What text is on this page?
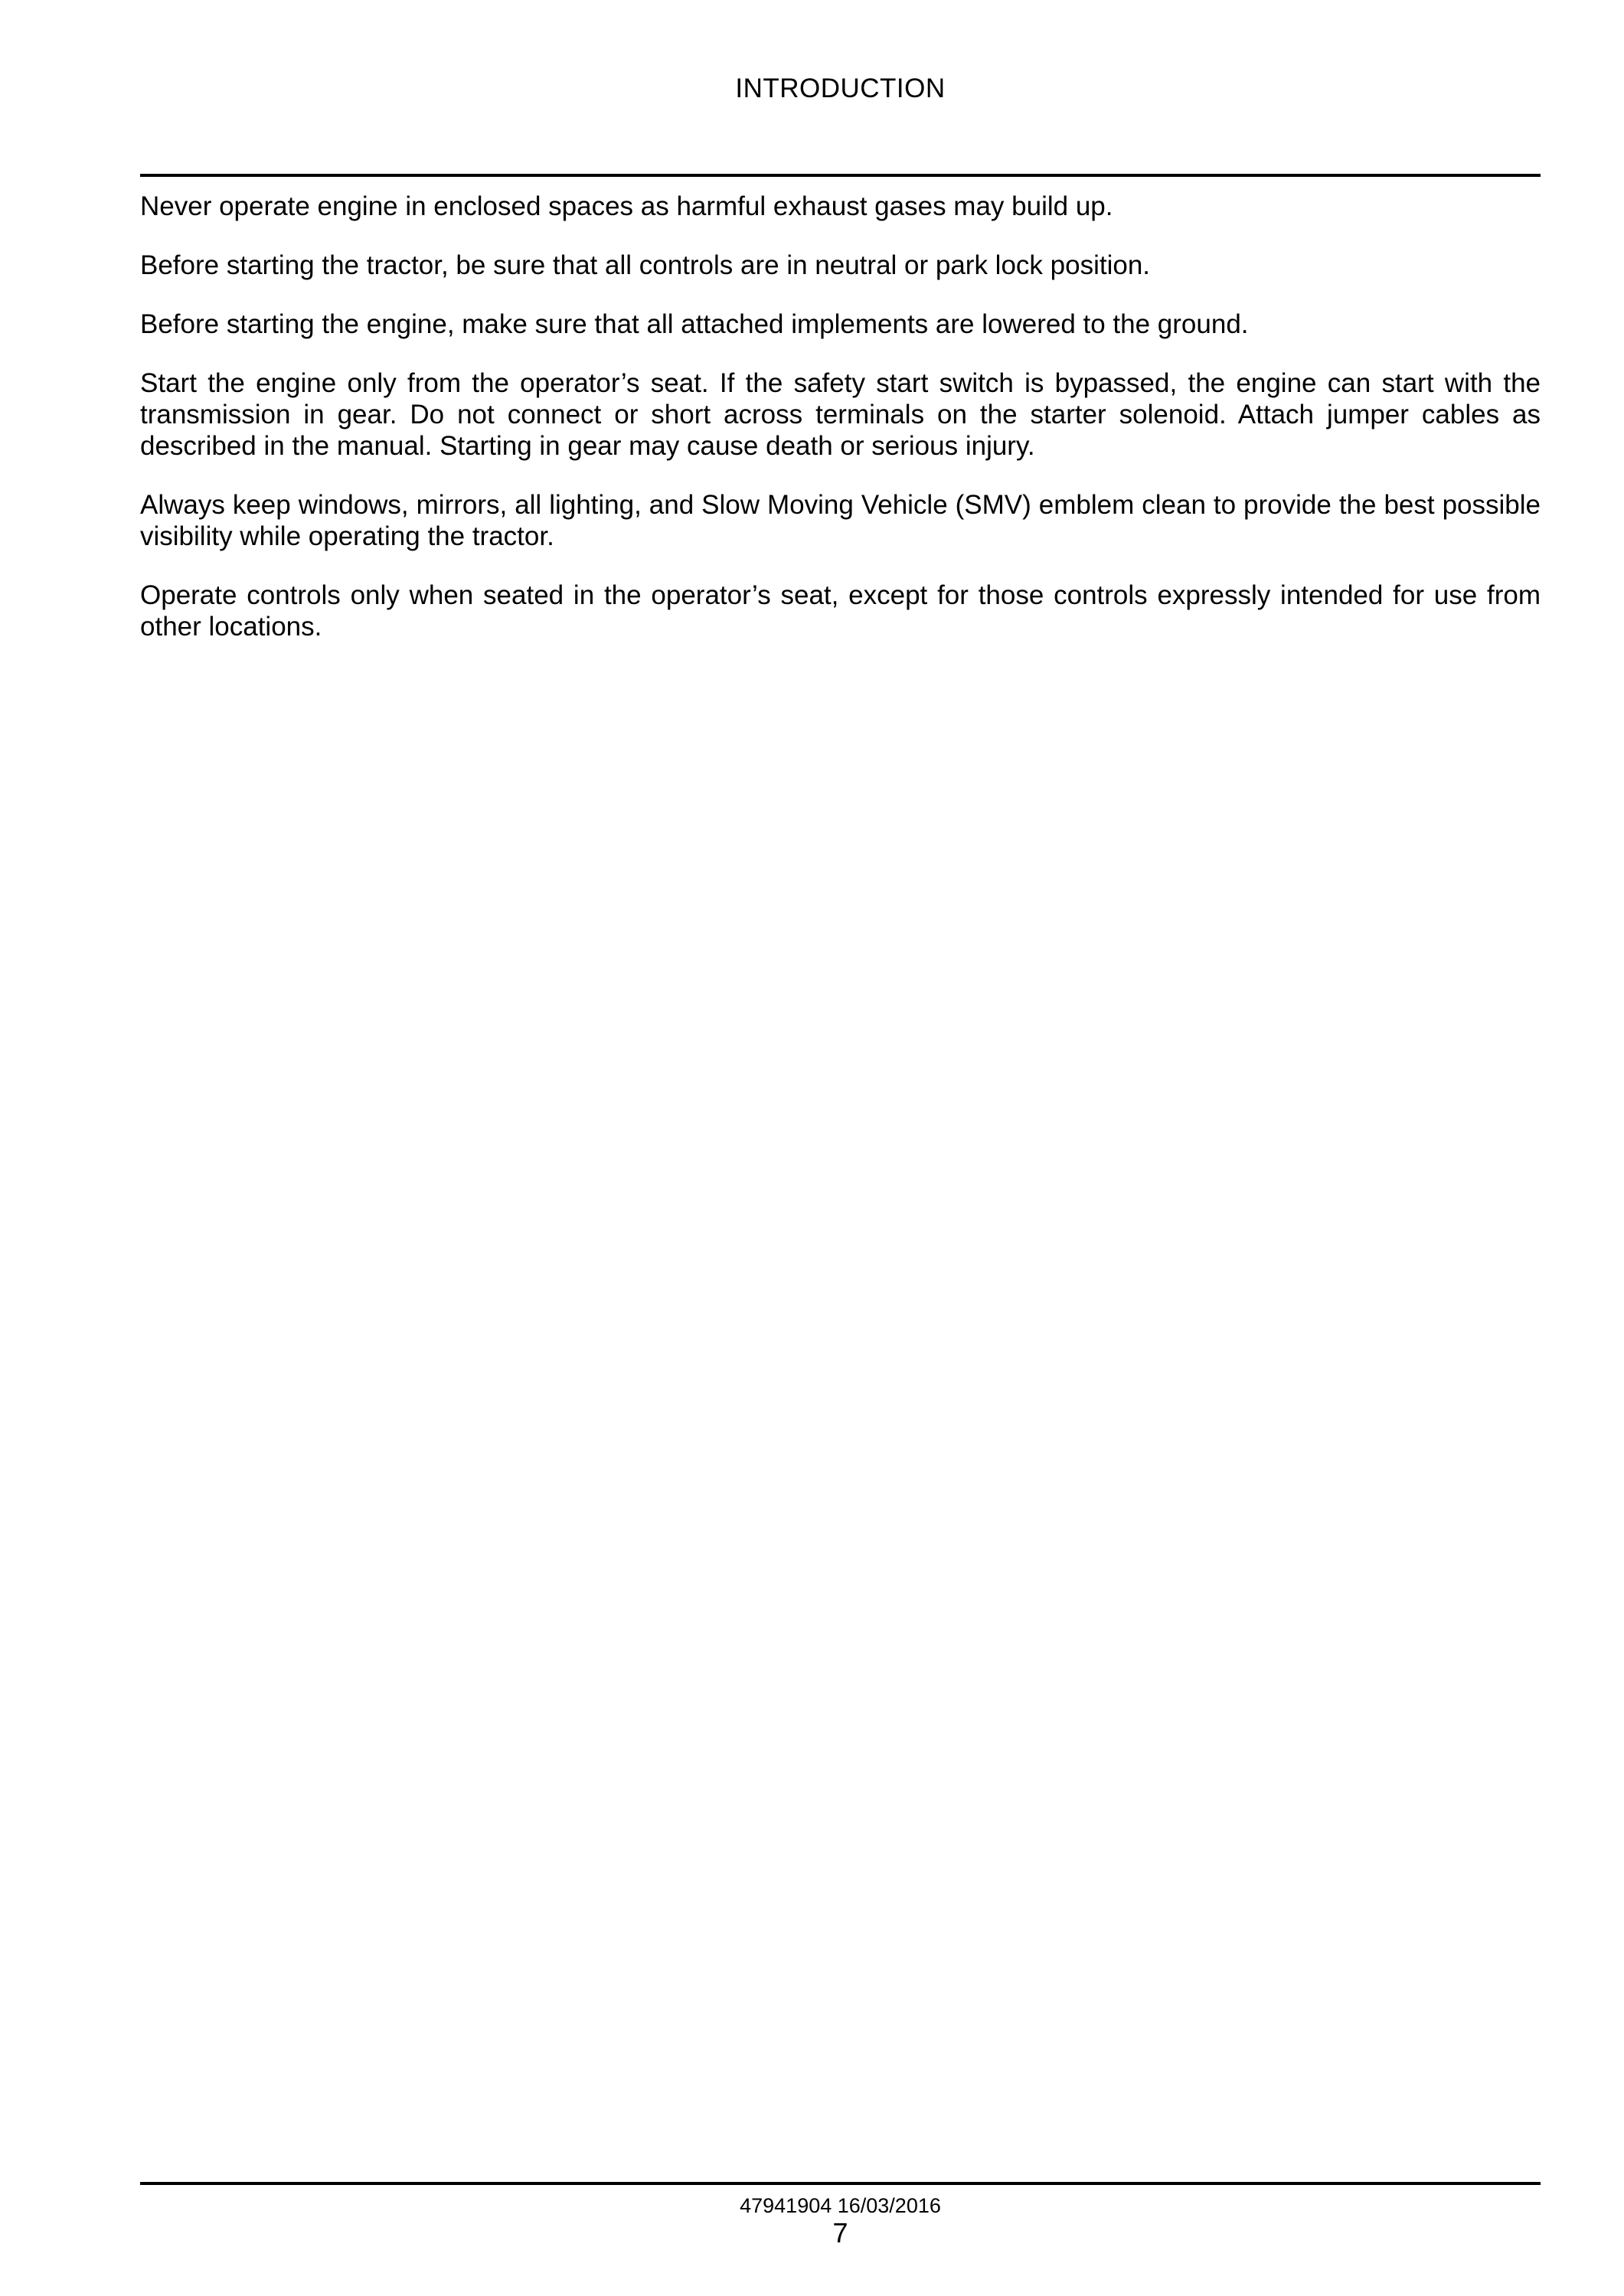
INTRODUCTION

Never operate engine in enclosed spaces as harmful exhaust gases may build up.

Before starting the tractor, be sure that all controls are in neutral or park lock position.

Before starting the engine, make sure that all attached implements are lowered to the ground.

Start the engine only from the operator’s seat. If the safety start switch is bypassed, the engine can start with the transmission in gear. Do not connect or short across terminals on the starter solenoid. Attach jumper cables as described in the manual. Starting in gear may cause death or serious injury.

Always keep windows, mirrors, all lighting, and Slow Moving Vehicle (SMV) emblem clean to provide the best possible visibility while operating the tractor.

Operate controls only when seated in the operator’s seat, except for those controls expressly intended for use from other locations.

47941904 16/03/2016
7
